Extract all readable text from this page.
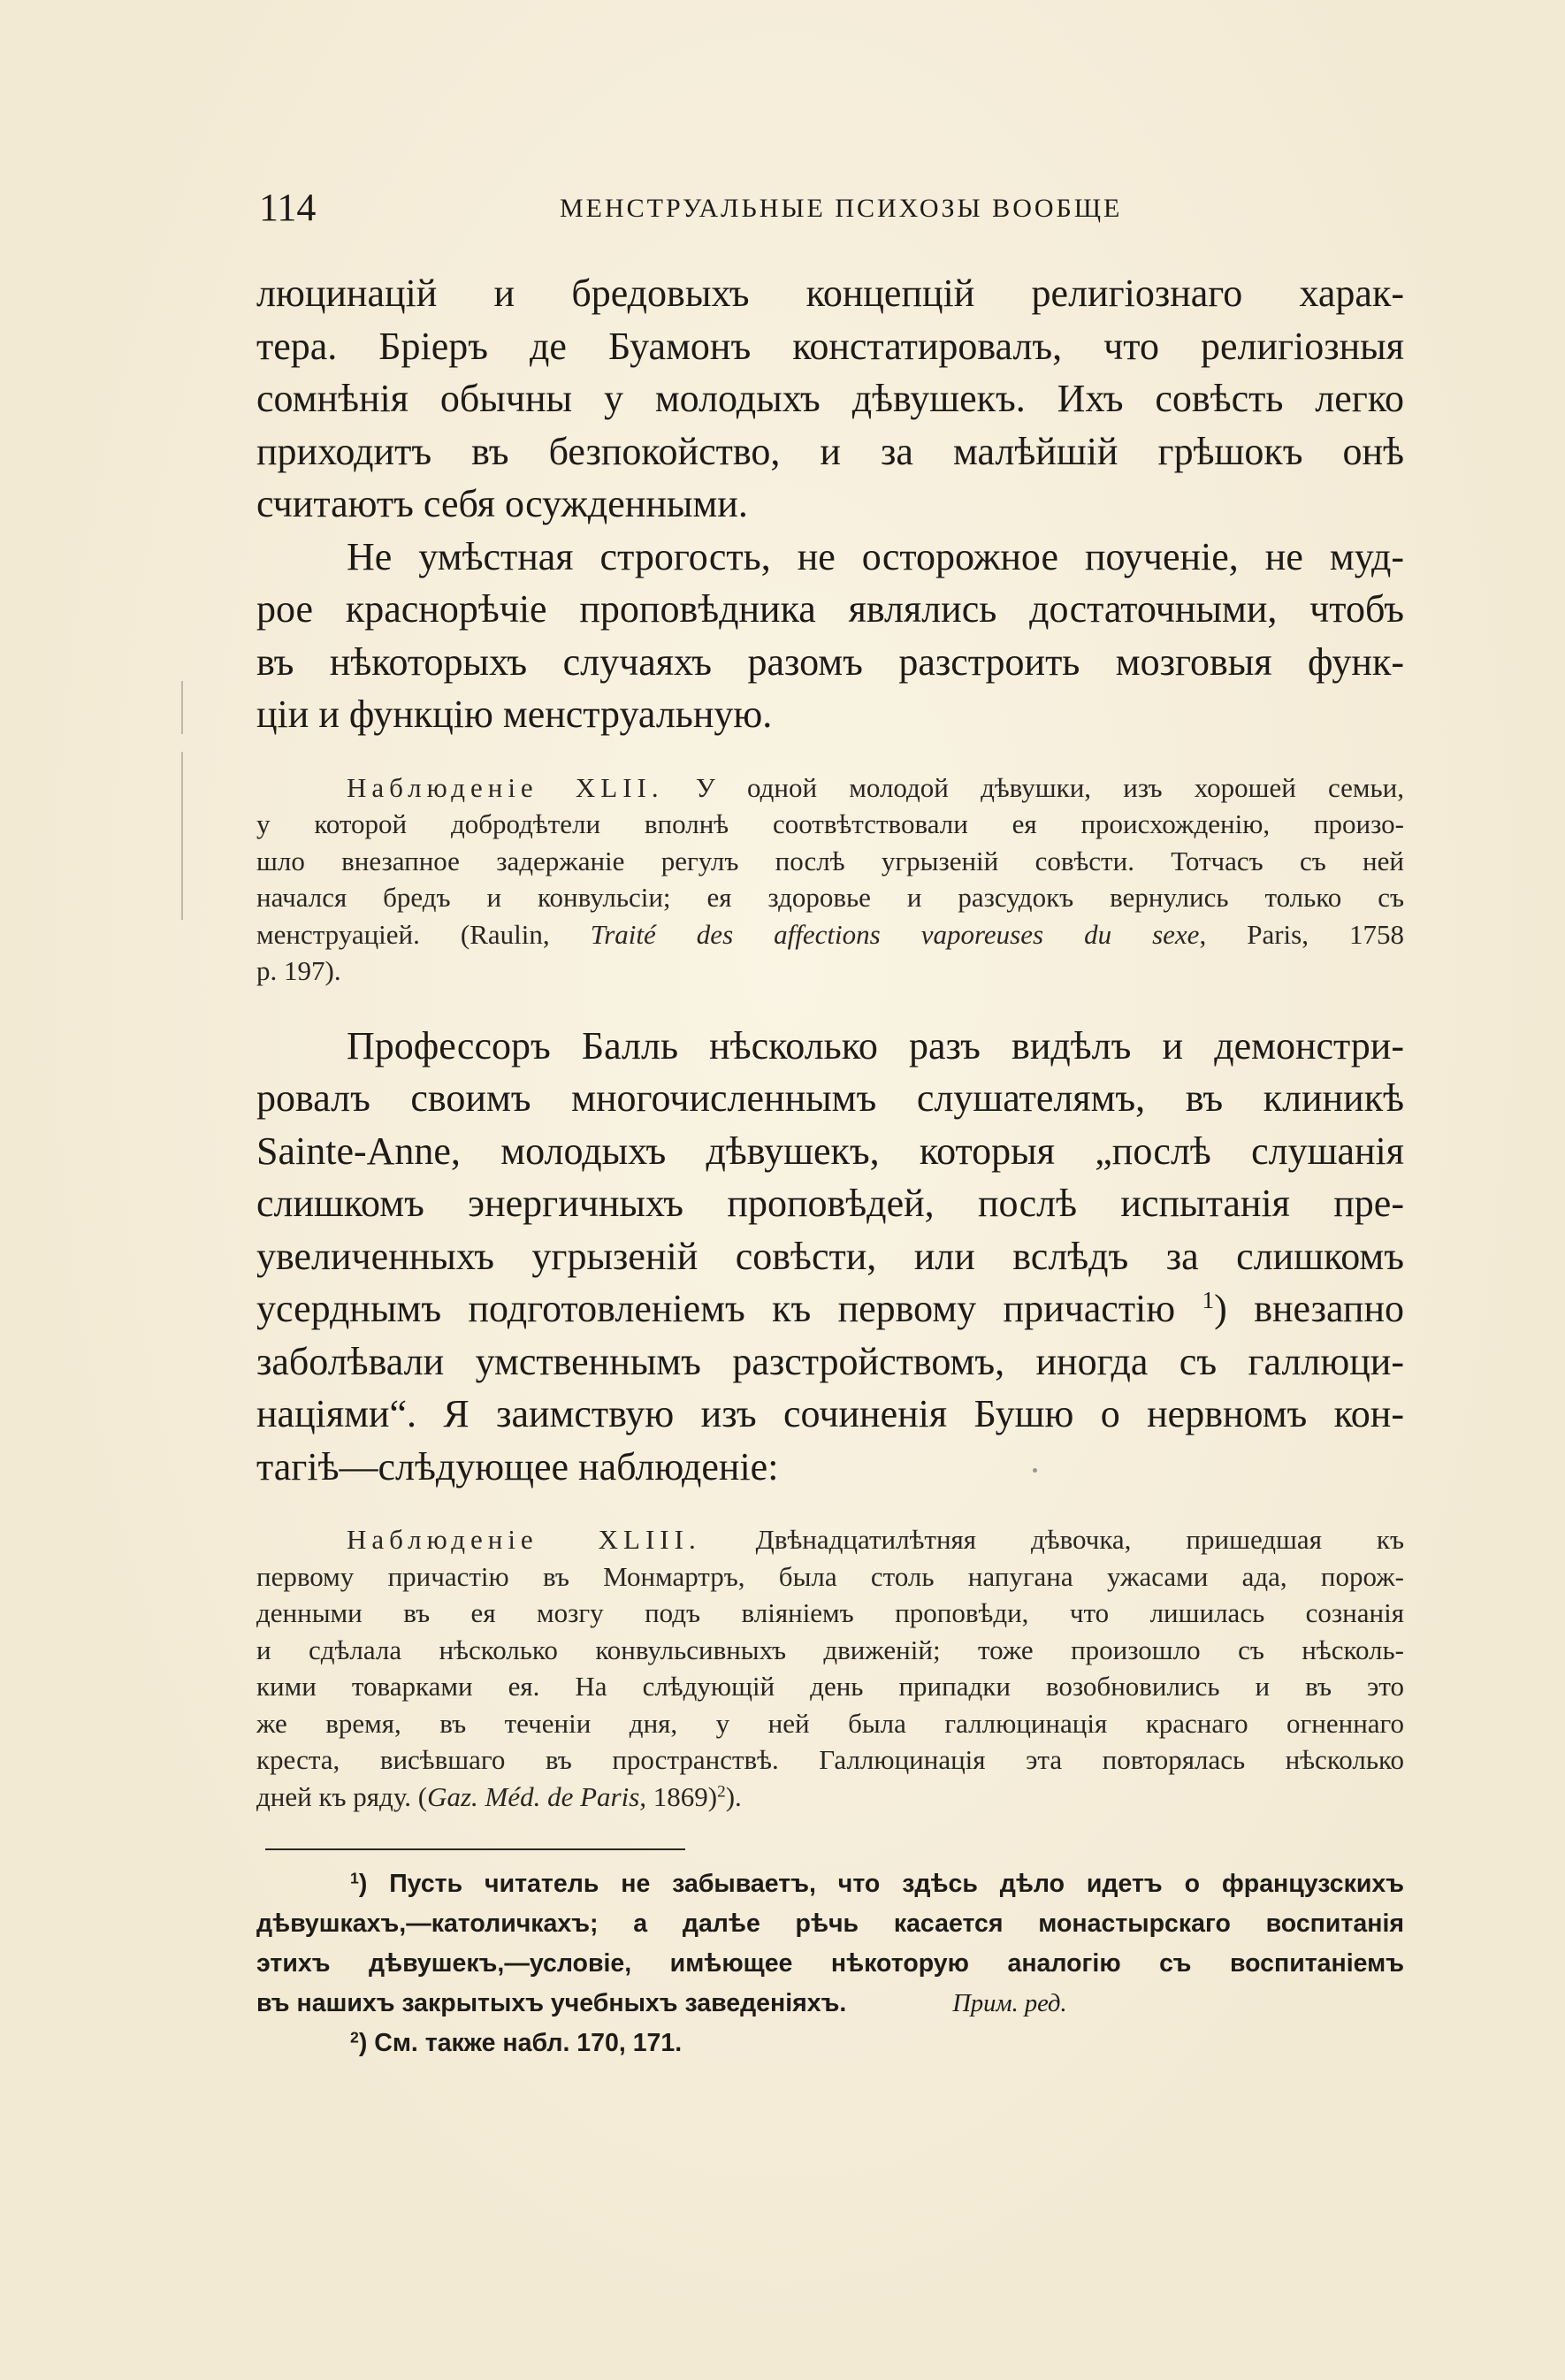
114	МЕНСТРУАЛЬНЫЕ ПСИХОЗЫ ВООБЩЕ

люцинацій и бредовыхъ концепцій религіознаго харак-
тера. Бріеръ де Буамонъ констатировалъ, что религіозныя
сомнѣнія обычны у молодыхъ дѣвушекъ. Ихъ совѣсть легко
приходитъ въ безпокойство, и за малѣйшій грѣшокъ онѣ
считаютъ себя осужденными.

Не умѣстная строгость, не осторожное поученіе, не муд-
рое краснорѣчіе проповѣдника являлись достаточными, чтобъ
въ нѣкоторыхъ случаяхъ разомъ разстроить мозговыя функ-
ціи и функцію менструальную.

Наблюденіе XLII. У одной молодой дѣвушки, изъ хорошей семьи,
у которой добродѣтели вполнѣ соотвѣтствовали ея происхожденію, произо-
шло внезапное задержаніе регулъ послѣ угрызеній совѣсти. Тотчасъ съ ней
начался бредъ и конвульсіи; ея здоровье и разсудокъ вернулись только съ
менструаціей. (Raulin, Traité des affections vaporeuses du sexe, Paris, 1758
p. 197).

Профессоръ Балль нѣсколько разъ видѣлъ и демонстри-
ровалъ своимъ многочисленнымъ слушателямъ, въ клиникѣ
Sainte-Anne, молодыхъ дѣвушекъ, которыя „послѣ слушанія
слишкомъ энергичныхъ проповѣдей, послѣ испытанія пре-
увеличенныхъ угрызеній совѣсти, или вслѣдъ за слишкомъ
усерднымъ подготовленіемъ къ первому причастію $^1$) внезапно
заболѣвали умственнымъ разстройствомъ, иногда съ галлюци-
націями“. Я заимствую изъ сочиненія Бушю о нервномъ кон-
тагіѣ—слѣдующее наблюденіе:

Наблюденіе XLIII. Двѣнадцатилѣтняя дѣвочка, пришедшая къ
первому причастію въ Монмартръ, была столь напугана ужасами ада, порож-
денными въ ея мозгу подъ вліяніемъ проповѣди, что лишилась сознанія
и сдѣлала нѣсколько конвульсивныхъ движеній; тоже произошло съ нѣсколь-
кими товарками ея. На слѣдующій день припадки возобновились и въ это
же время, въ теченіи дня, у ней была галлюцинація краснаго огненнаго
креста, висѣвшаго въ пространствѣ. Галлюцинація эта повторялась нѣсколько
дней къ ряду. (Gaz. Méd. de Paris, 1869)$^2$).

$^1$) Пусть читатель не забываетъ, что здѣсь дѣло идетъ о французскихъ
дѣвушкахъ,—католичкахъ; а далѣе рѣчь касается монастырскаго воспитанія
этихъ дѣвушекъ,—условіе, имѣющее нѣкоторую аналогію съ воспитаніемъ
въ нашихъ закрытыхъ учебныхъ заведеніяхъ.	Прим. ред.
$^2$) См. также набл. 170, 171.
